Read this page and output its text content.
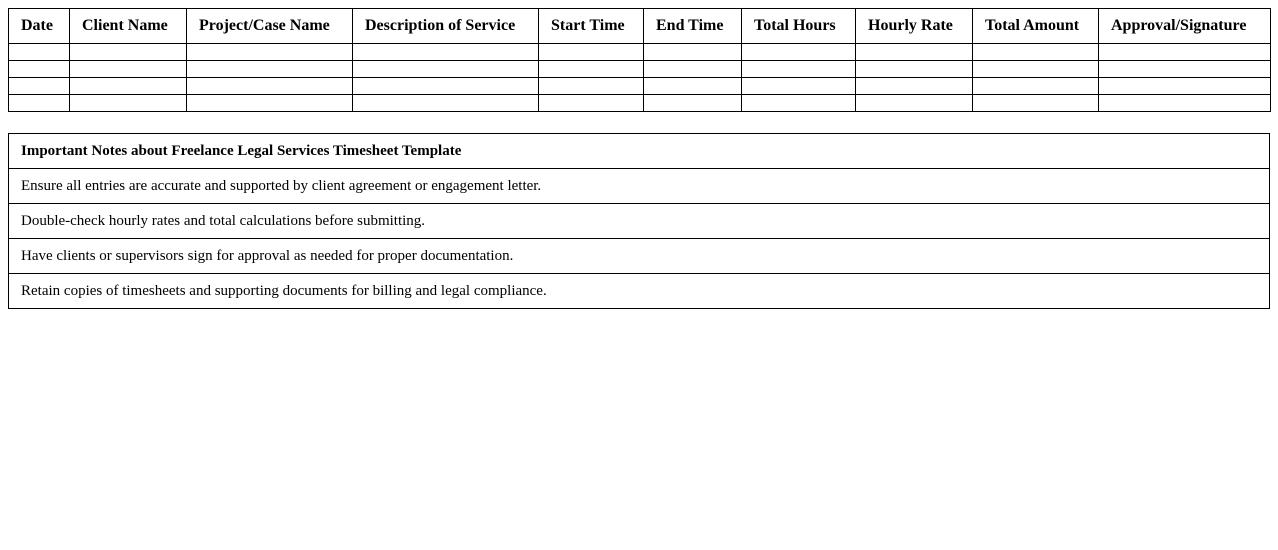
Date	Client Name	Project/Case Name	Description of Service	Start Time	End Time	Total Hours	Hourly Rate	Total Amount	Approval/Signature

Important Notes about Freelance Legal Services Timesheet Template
Ensure all entries are accurate and supported by client agreement or engagement letter.
Double-check hourly rates and total calculations before submitting.
Have clients or supervisors sign for approval as needed for proper documentation.
Retain copies of timesheets and supporting documents for billing and legal compliance.
